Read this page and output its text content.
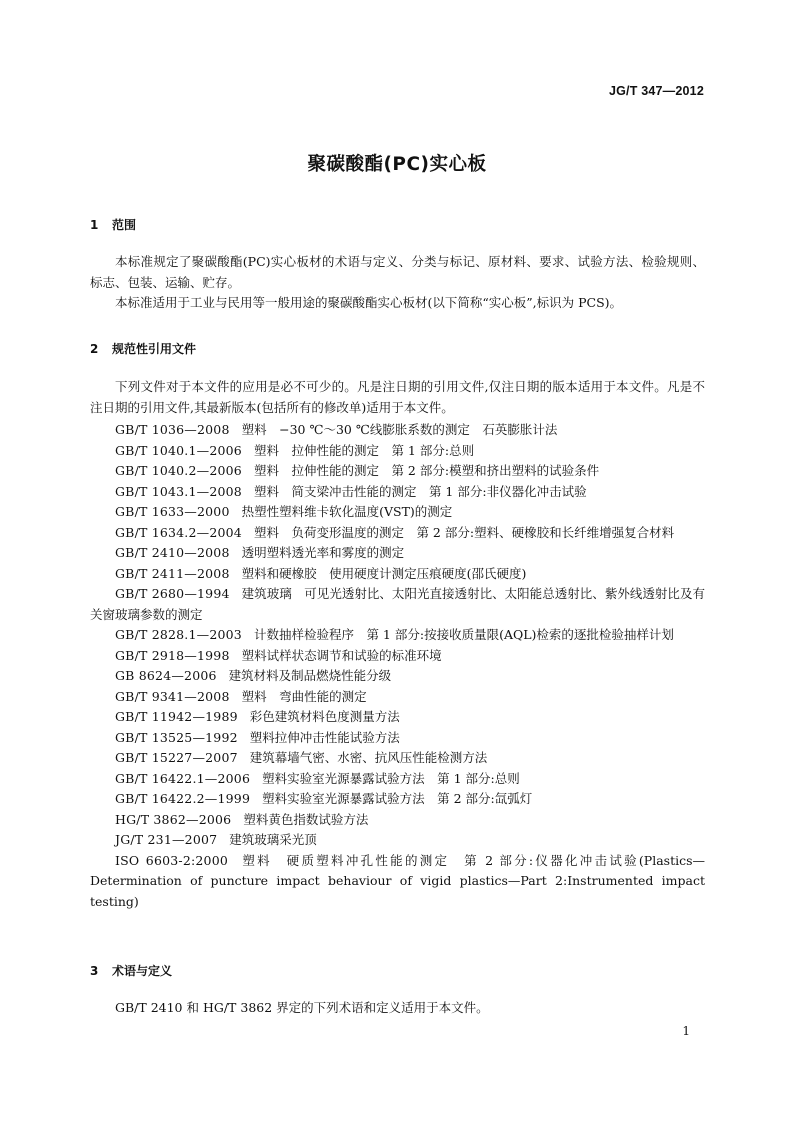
JG/T 347—2012
聚碳酸酯(PC)实心板
1 范围

本标准规定了聚碳酸酯(PC)实心板材的术语与定义、分类与标记、原材料、要求、试验方法、检验规则、标志、包装、运输、贮存。

本标准适用于工业与民用等一般用途的聚碳酸酯实心板材(以下简称“实心板”,标识为 PCS)。

2 规范性引用文件

下列文件对于本文件的应用是必不可少的。凡是注日期的引用文件,仅注日期的版本适用于本文件。凡是不注日期的引用文件,其最新版本(包括所有的修改单)适用于本文件。

GB/T 1036—2008 塑料　−30 ℃～30 ℃线膨胀系数的测定　石英膨胀计法

GB/T 1040.1—2006 塑料　拉伸性能的测定　第 1 部分:总则

GB/T 1040.2—2006 塑料　拉伸性能的测定　第 2 部分:模塑和挤出塑料的试验条件

GB/T 1043.1—2008 塑料　简支梁冲击性能的测定　第 1 部分:非仪器化冲击试验

GB/T 1633—2000 热塑性塑料维卡软化温度(VST)的测定

GB/T 1634.2—2004 塑料　负荷变形温度的测定　第 2 部分:塑料、硬橡胶和长纤维增强复合材料

GB/T 2410—2008 透明塑料透光率和雾度的测定

GB/T 2411—2008 塑料和硬橡胶　使用硬度计测定压痕硬度(邵氏硬度)

GB/T 2680—1994 建筑玻璃　可见光透射比、太阳光直接透射比、太阳能总透射比、紫外线透射比及有关窗玻璃参数的测定

GB/T 2828.1—2003 计数抽样检验程序　第 1 部分:按接收质量限(AQL)检索的逐批检验抽样计划

GB/T 2918—1998 塑料试样状态调节和试验的标准环境

GB 8624—2006 建筑材料及制品燃烧性能分级

GB/T 9341—2008 塑料　弯曲性能的测定

GB/T 11942—1989 彩色建筑材料色度测量方法

GB/T 13525—1992 塑料拉伸冲击性能试验方法

GB/T 15227—2007 建筑幕墙气密、水密、抗风压性能检测方法

GB/T 16422.1—2006 塑料实验室光源暴露试验方法　第 1 部分:总则

GB/T 16422.2—1999 塑料实验室光源暴露试验方法　第 2 部分:氙弧灯

HG/T 3862—2006 塑料黄色指数试验方法

JG/T 231—2007 建筑玻璃采光顶

ISO 6603-2:2000 塑料　硬质塑料冲孔性能的测定　第 2 部分:仪器化冲击试验(Plastics—Determination of puncture impact behaviour of vigid plastics—Part 2:Instrumented impact testing)

3 术语与定义

GB/T 2410 和 HG/T 3862 界定的下列术语和定义适用于本文件。

1
